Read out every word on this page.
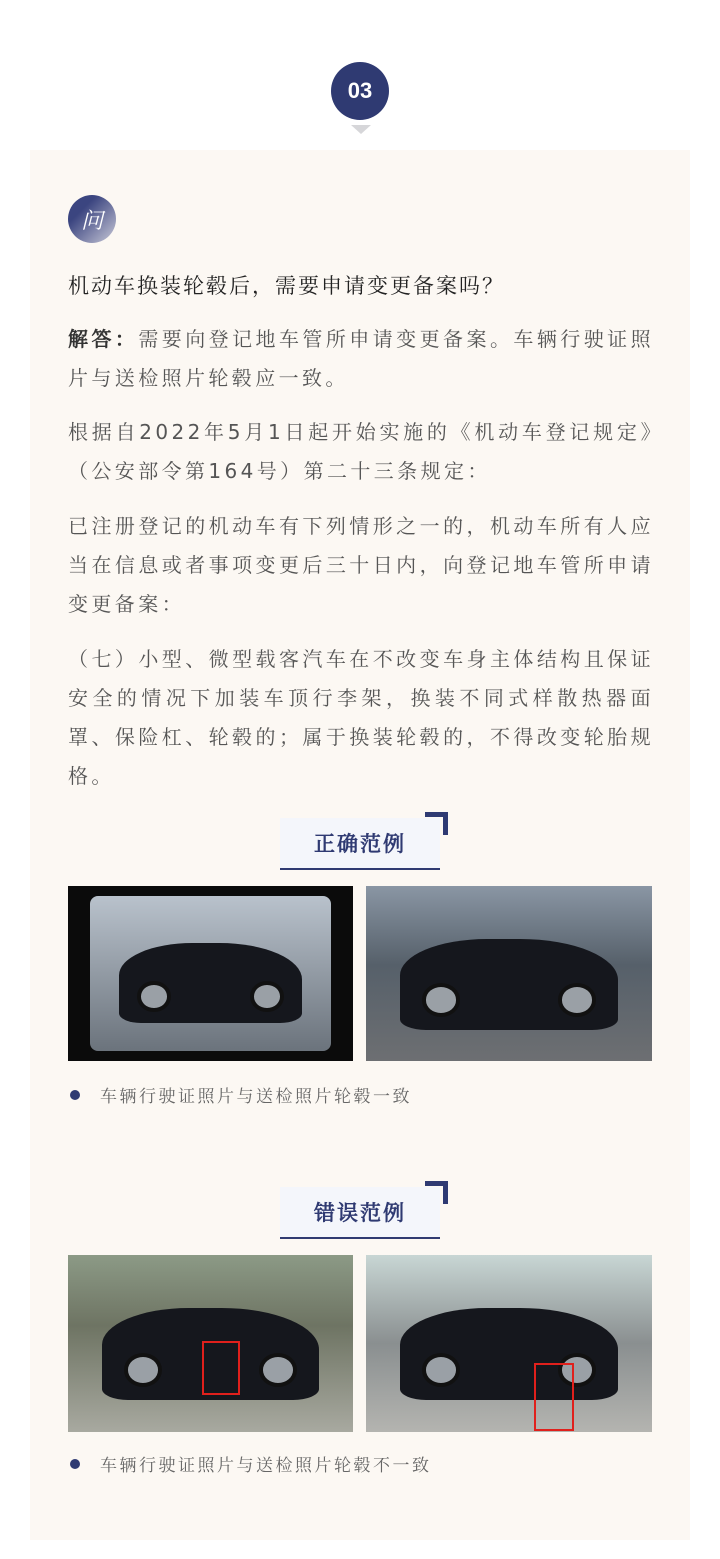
03
问
机动车换装轮毂后，需要申请变更备案吗？
解答：需要向登记地车管所申请变更备案。车辆行驶证照片与送检照片轮毂应一致。
根据自2022年5月1日起开始实施的《机动车登记规定》（公安部令第164号）第二十三条规定：
已注册登记的机动车有下列情形之一的，机动车所有人应当在信息或者事项变更后三十日内，向登记地车管所申请变更备案：
（七）小型、微型载客汽车在不改变车身主体结构且保证安全的情况下加装车顶行李架，换装不同式样散热器面罩、保险杠、轮毂的；属于换装轮毂的，不得改变轮胎规格。
正确范例
车辆行驶证照片与送检照片轮毂一致
错误范例
车辆行驶证照片与送检照片轮毂不一致
